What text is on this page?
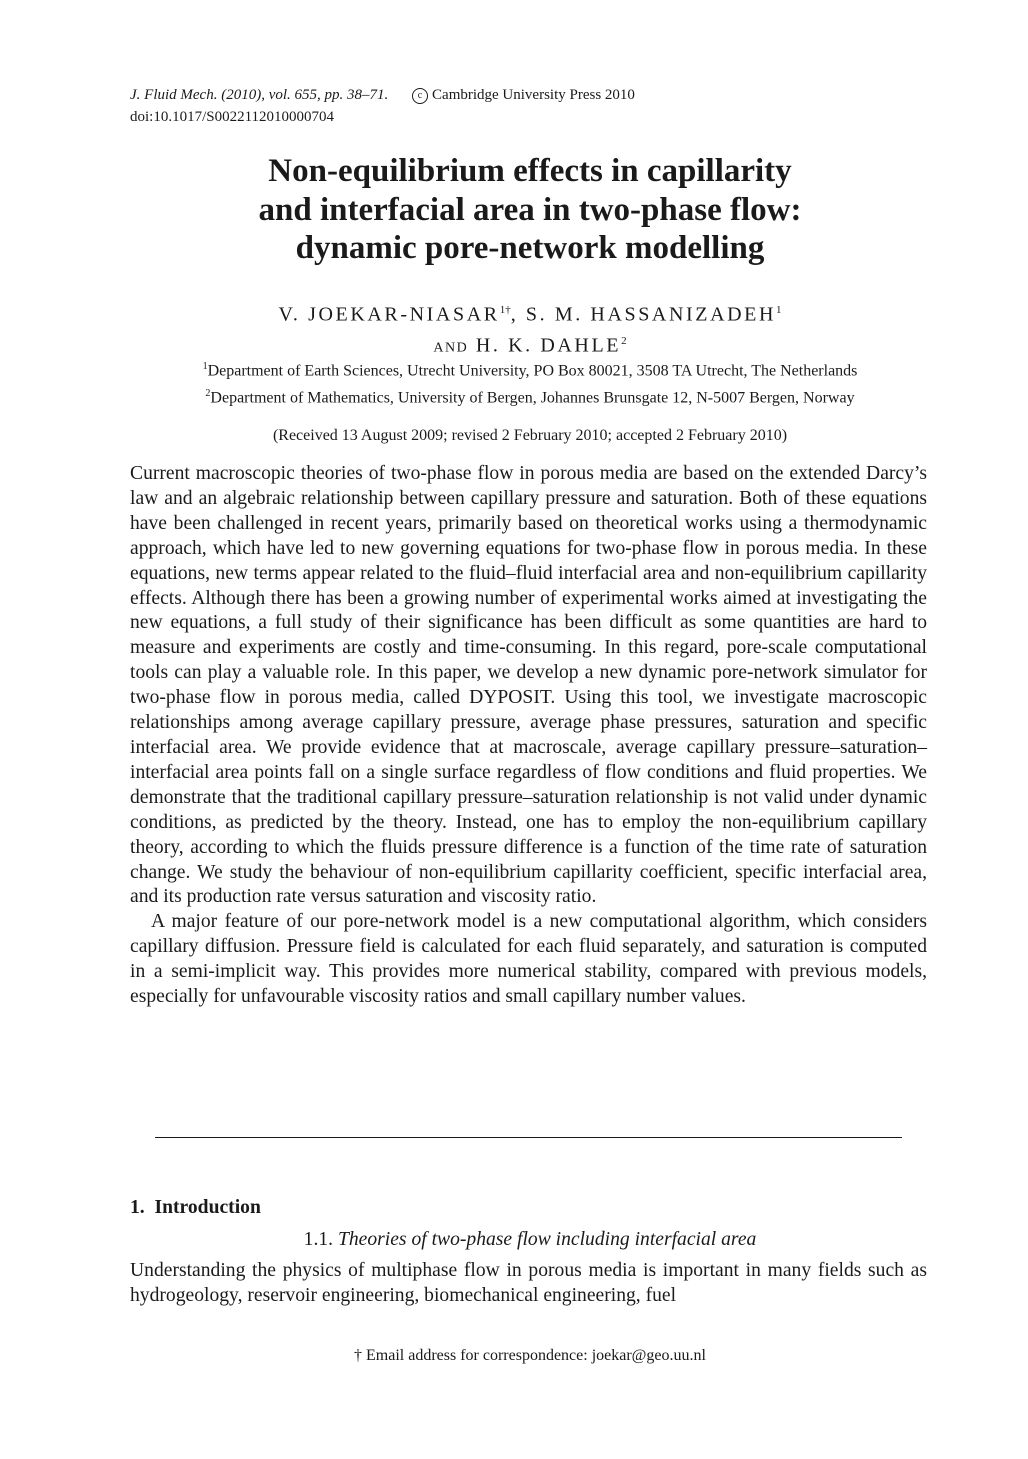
J. Fluid Mech. (2010), vol. 655, pp. 38–71.	c Cambridge University Press 2010
doi:10.1017/S0022112010000704
Non-equilibrium effects in capillarity
and interfacial area in two-phase flow:
dynamic pore-network modelling
V. JOEKAR-$NIASAR^{1\dagger}$, S. M. HASSANIZADEH$^1$
AND H. K. DAHLE$^2$
$^1$Department of Earth Sciences, Utrecht University, PO Box 80021, 3508 TA Utrecht, The Netherlands
$^2$Department of Mathematics, University of Bergen, Johannes Brunsgate 12, N-5007 Bergen, Norway
(Received 13 August 2009; revised 2 February 2010; accepted 2 February 2010)

Current macroscopic theories of two-phase flow in porous media are based on the extended Darcy’s law and an algebraic relationship between capillary pressure and saturation. Both of these equations have been challenged in recent years, primarily based on theoretical works using a thermodynamic approach, which have led to new governing equations for two-phase flow in porous media. In these equations, new terms appear related to the fluid–fluid interfacial area and non-equilibrium capillarity effects. Although there has been a growing number of experimental works aimed at investigating the new equations, a full study of their significance has been difficult as some quantities are hard to measure and experiments are costly and time-consuming. In this regard, pore-scale computational tools can play a valuable role. In this paper, we develop a new dynamic pore-network simulator for two-phase flow in porous media, called DYPOSIT. Using this tool, we investigate macroscopic relationships among average capillary pressure, average phase pressures, saturation and specific interfacial area. We provide evidence that at macroscale, average capillary pressure–saturation–interfacial area points fall on a single surface regardless of flow conditions and fluid properties. We demonstrate that the traditional capillary pressure–saturation relationship is not valid under dynamic conditions, as predicted by the theory. Instead, one has to employ the non-equilibrium capillary theory, according to which the fluids pressure difference is a function of the time rate of saturation change. We study the behaviour of non-equilibrium capillarity coefficient, specific interfacial area, and its production rate versus saturation and viscosity ratio.

A major feature of our pore-network model is a new computational algorithm, which considers capillary diffusion. Pressure field is calculated for each fluid separately, and saturation is computed in a semi-implicit way. This provides more numerical stability, compared with previous models, especially for unfavourable viscosity ratios and small capillary number values.

1. Introduction
1.1. Theories of two-phase flow including interfacial area

Understanding the physics of multiphase flow in porous media is important in many fields such as hydrogeology, reservoir engineering, biomechanical engineering, fuel

† Email address for correspondence: joekar@geo.uu.nl
